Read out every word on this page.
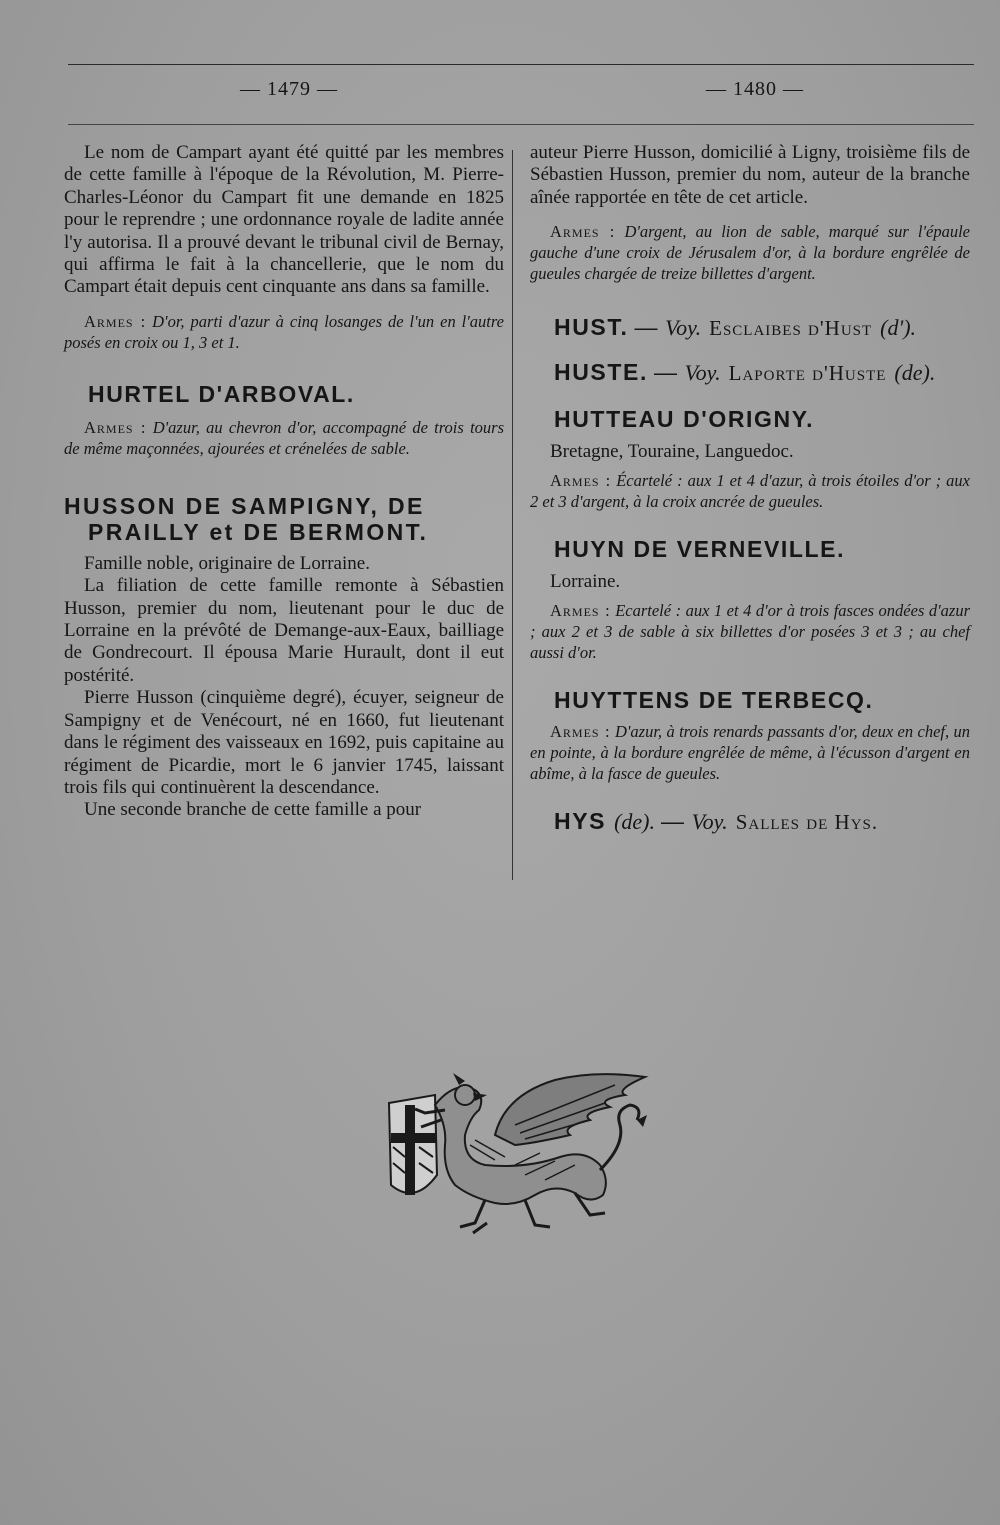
— 1479 —	— 1480 —

Le nom de Campart ayant été quitté par les membres de cette famille à l'époque de la Révolution, M. Pierre-Charles-Léonor du Campart fit une demande en 1825 pour le reprendre ; une ordonnance royale de ladite année l'y autorisa. Il a prouvé devant le tribunal civil de Bernay, qui affirma le fait à la chancellerie, que le nom du Campart était depuis cent cinquante ans dans sa famille.

Armes : D'or, parti d'azur à cinq losanges de l'un en l'autre posés en croix ou 1, 3 et 1.

HURTEL D'ARBOVAL.

Armes : D'azur, au chevron d'or, accompagné de trois tours de même maçonnées, ajourées et crénelées de sable.

HUSSON DE SAMPIGNY, DE PRAILLY et DE BERMONT.

Famille noble, originaire de Lorraine.

La filiation de cette famille remonte à Sébastien Husson, premier du nom, lieutenant pour le duc de Lorraine en la prévôté de Demange-aux-Eaux, bailliage de Gondrecourt. Il épousa Marie Hurault, dont il eut postérité.

Pierre Husson (cinquième degré), écuyer, seigneur de Sampigny et de Venécourt, né en 1660, fut lieutenant dans le régiment des vaisseaux en 1692, puis capitaine au régiment de Picardie, mort le 6 janvier 1745, laissant trois fils qui continuèrent la descendance.

Une seconde branche de cette famille a pour

auteur Pierre Husson, domicilié à Ligny, troisième fils de Sébastien Husson, premier du nom, auteur de la branche aînée rapportée en tête de cet article.

Armes : D'argent, au lion de sable, marqué sur l'épaule gauche d'une croix de Jérusalem d'or, à la bordure engrêlée de gueules chargée de treize billettes d'argent.

HUST. — Voy. Esclaibes d'Hust (d').
HUSTE. — Voy. Laporte d'Huste (de).
HUTTEAU D'ORIGNY.
Bretagne, Touraine, Languedoc.

Armes : Écartelé : aux 1 et 4 d'azur, à trois étoiles d'or ; aux 2 et 3 d'argent, à la croix ancrée de gueules.

HUYN DE VERNEVILLE.
Lorraine.

Armes : Ecartelé : aux 1 et 4 d'or à trois fasces ondées d'azur ; aux 2 et 3 de sable à six billettes d'or posées 3 et 3 ; au chef aussi d'or.

HUYTTENS DE TERBECQ.

Armes : D'azur, à trois renards passants d'or, deux en chef, un en pointe, à la bordure engrêlée de même, à l'écusson d'argent en abîme, à la fasce de gueules.

HYS (de). — Voy. Salles de Hys.
